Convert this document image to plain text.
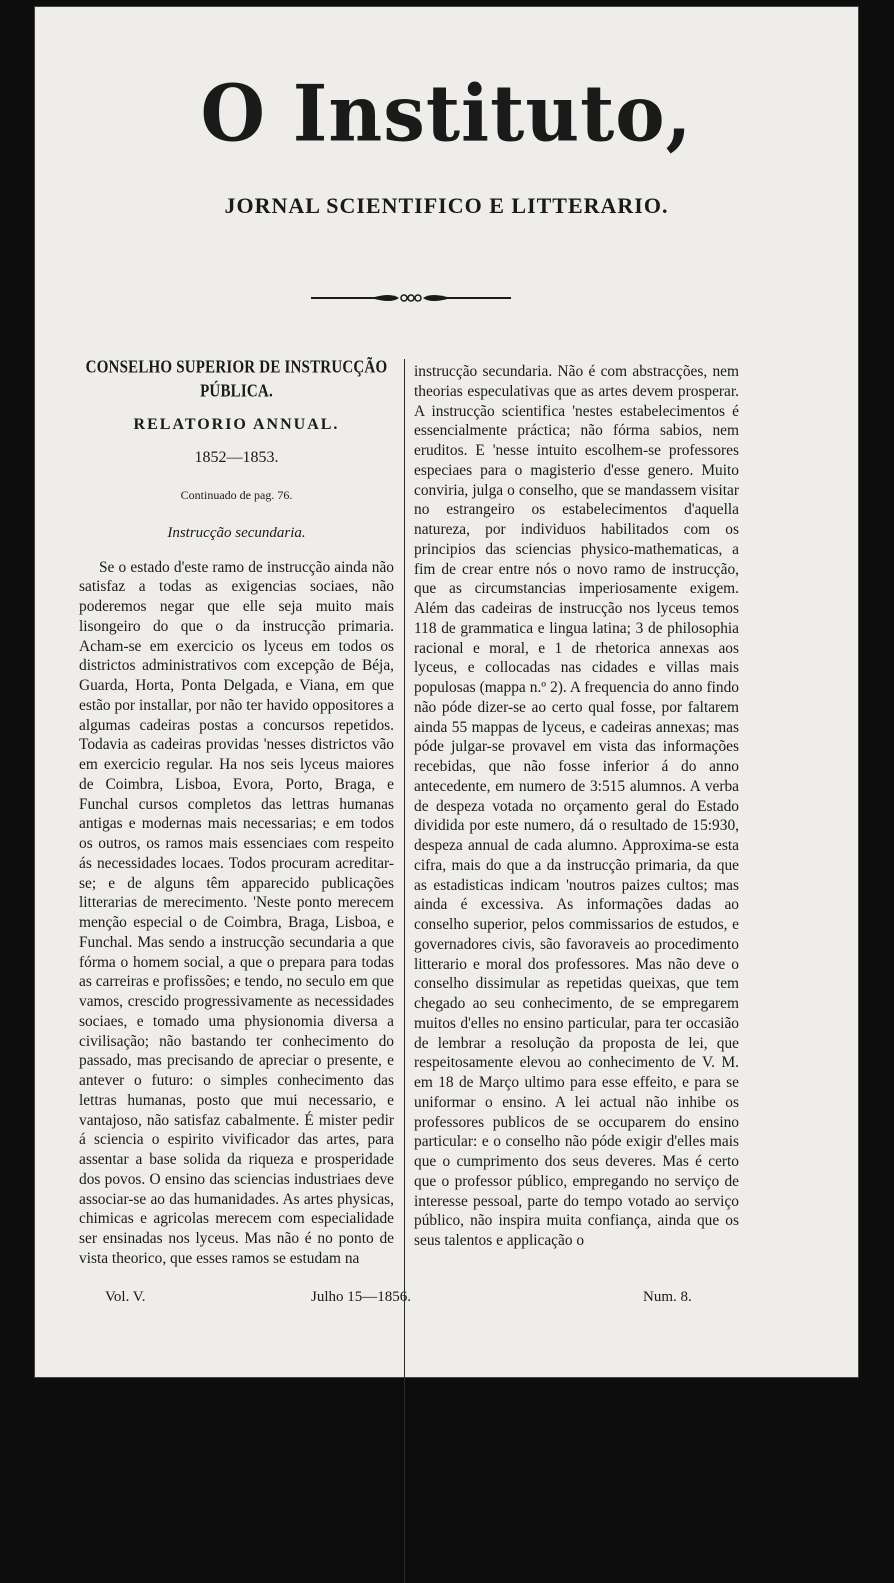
O Instituto,
JORNAL SCIENTIFICO E LITTERARIO.
CONSELHO SUPERIOR DE INSTRUCÇÃO PÚBLICA.
RELATORIO ANNUAL.
1852—1853.
Continuado de pag. 76.
Instrucção secundaria.

Se o estado d'este ramo de instrucção ainda não satisfaz a todas as exigencias sociaes, não poderemos negar que elle seja muito mais lisongeiro do que o da instrucção primaria. Acham-se em exercicio os lyceus em todos os districtos administrativos com excepção de Béja, Guarda, Horta, Ponta Delgada, e Viana, em que estão por installar, por não ter havido oppositores a algumas cadeiras postas a concursos repetidos. Todavia as cadeiras providas 'nesses districtos vão em exercicio regular. Ha nos seis lyceus maiores de Coimbra, Lisboa, Evora, Porto, Braga, e Funchal cursos completos das lettras humanas antigas e modernas mais necessarias; e em todos os outros, os ramos mais essenciaes com respeito ás necessidades locaes. Todos procuram acreditar-se; e de alguns têm apparecido publicações litterarias de merecimento. 'Neste ponto merecem menção especial o de Coimbra, Braga, Lisboa, e Funchal. Mas sendo a instrucção secundaria a que fórma o homem social, a que o prepara para todas as carreiras e profissões; e tendo, no seculo em que vamos, crescido progressivamente as necessidades sociaes, e tomado uma physionomia diversa a civilisação; não bastando ter conhecimento do passado, mas precisando de apreciar o presente, e antever o futuro: o simples conhecimento das lettras humanas, posto que mui necessario, e vantajoso, não satisfaz cabalmente. É mister pedir á sciencia o espirito vivificador das artes, para assentar a base solida da riqueza e prosperidade dos povos. O ensino das sciencias industriaes deve associar-se ao das humanidades. As artes physicas, chimicas e agricolas merecem com especialidade ser ensinadas nos lyceus. Mas não é no ponto de vista theorico, que esses ramos se estudam na

instrucção secundaria. Não é com abstracções, nem theorias especulativas que as artes devem prosperar. A instrucção scientifica 'nestes estabelecimentos é essencialmente práctica; não fórma sabios, nem eruditos. E 'nesse intuito escolhem-se professores especiaes para o magisterio d'esse genero. Muito conviria, julga o conselho, que se mandassem visitar no estrangeiro os estabelecimentos d'aquella natureza, por individuos habilitados com os principios das sciencias physico-mathematicas, a fim de crear entre nós o novo ramo de instrucção, que as circumstancias imperiosamente exigem. Além das cadeiras de instrucção nos lyceus temos 118 de grammatica e lingua latina; 3 de philosophia racional e moral, e 1 de rhetorica annexas aos lyceus, e collocadas nas cidades e villas mais populosas (mappa n.º 2). A frequencia do anno findo não póde dizer-se ao certo qual fosse, por faltarem ainda 55 mappas de lyceus, e cadeiras annexas; mas póde julgar-se provavel em vista das informações recebidas, que não fosse inferior á do anno antecedente, em numero de 3:515 alumnos. A verba de despeza votada no orçamento geral do Estado dividida por este numero, dá o resultado de 15:930, despeza annual de cada alumno. Approxima-se esta cifra, mais do que a da instrucção primaria, da que as estadisticas indicam 'noutros paizes cultos; mas ainda é excessiva. As informações dadas ao conselho superior, pelos commissarios de estudos, e governadores civis, são favoraveis ao procedimento litterario e moral dos professores. Mas não deve o conselho dissimular as repetidas queixas, que tem chegado ao seu conhecimento, de se empregarem muitos d'elles no ensino particular, para ter occasião de lembrar a resolução da proposta de lei, que respeitosamente elevou ao conhecimento de V. M. em 18 de Março ultimo para esse effeito, e para se uniformar o ensino. A lei actual não inhibe os professores publicos de se occuparem do ensino particular: e o conselho não póde exigir d'elles mais que o cumprimento dos seus deveres. Mas é certo que o professor público, empregando no serviço de interesse pessoal, parte do tempo votado ao serviço público, não inspira muita confiança, ainda que os seus talentos e applicação o

Vol. V.	Julho 15—1856.	Num. 8.
